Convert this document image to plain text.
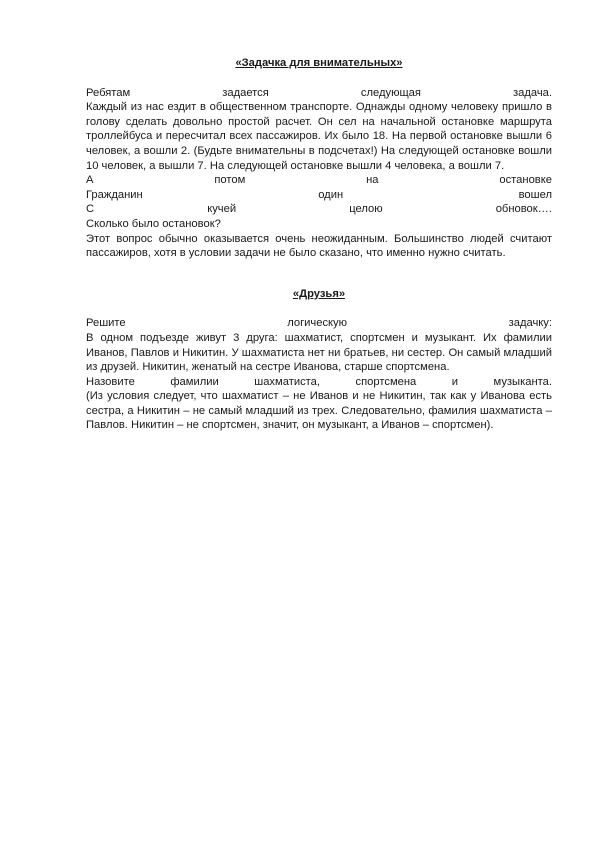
«Задачка для внимательных»

Ребятам	задается	следующая	задача.

Каждый из нас ездит в общественном транспорте. Однажды одному человеку пришло в голову сделать довольно простой расчет. Он сел на начальной остановке маршрута троллейбуса и пересчитал всех пассажиров. Их было 18. На первой остановке вышли 6 человек, а вошли 2. (Будьте внимательны в подсчетах!) На следующей остановке вошли 10 человек, а вышли 7. На следующей остановке вышли 4 человека, а вошли 7.

А	потом	на	остановке

Гражданин	один	вошел

С	кучей	целою	обновок….

Сколько было остановок?

Этот вопрос обычно оказывается очень неожиданным. Большинство людей считают пассажиров, хотя в условии задачи не было сказано, что именно нужно считать.

«Друзья»

Решите	логическую	задачку:

В одном подъезде живут 3 друга: шахматист, спортсмен и музыкант. Их фамилии Иванов, Павлов и Никитин. У шахматиста нет ни братьев, ни сестер. Он самый младший из друзей. Никитин, женатый на сестре Иванова, старше спортсмена.

Назовите	фамилии	шахматиста,	спортсмена	и	музыканта.

(Из условия следует, что шахматист – не Иванов и не Никитин, так как у Иванова есть сестра, а Никитин – не самый младший из трех. Следовательно, фамилия шахматиста – Павлов. Никитин – не спортсмен, значит, он музыкант, а Иванов – спортсмен).
